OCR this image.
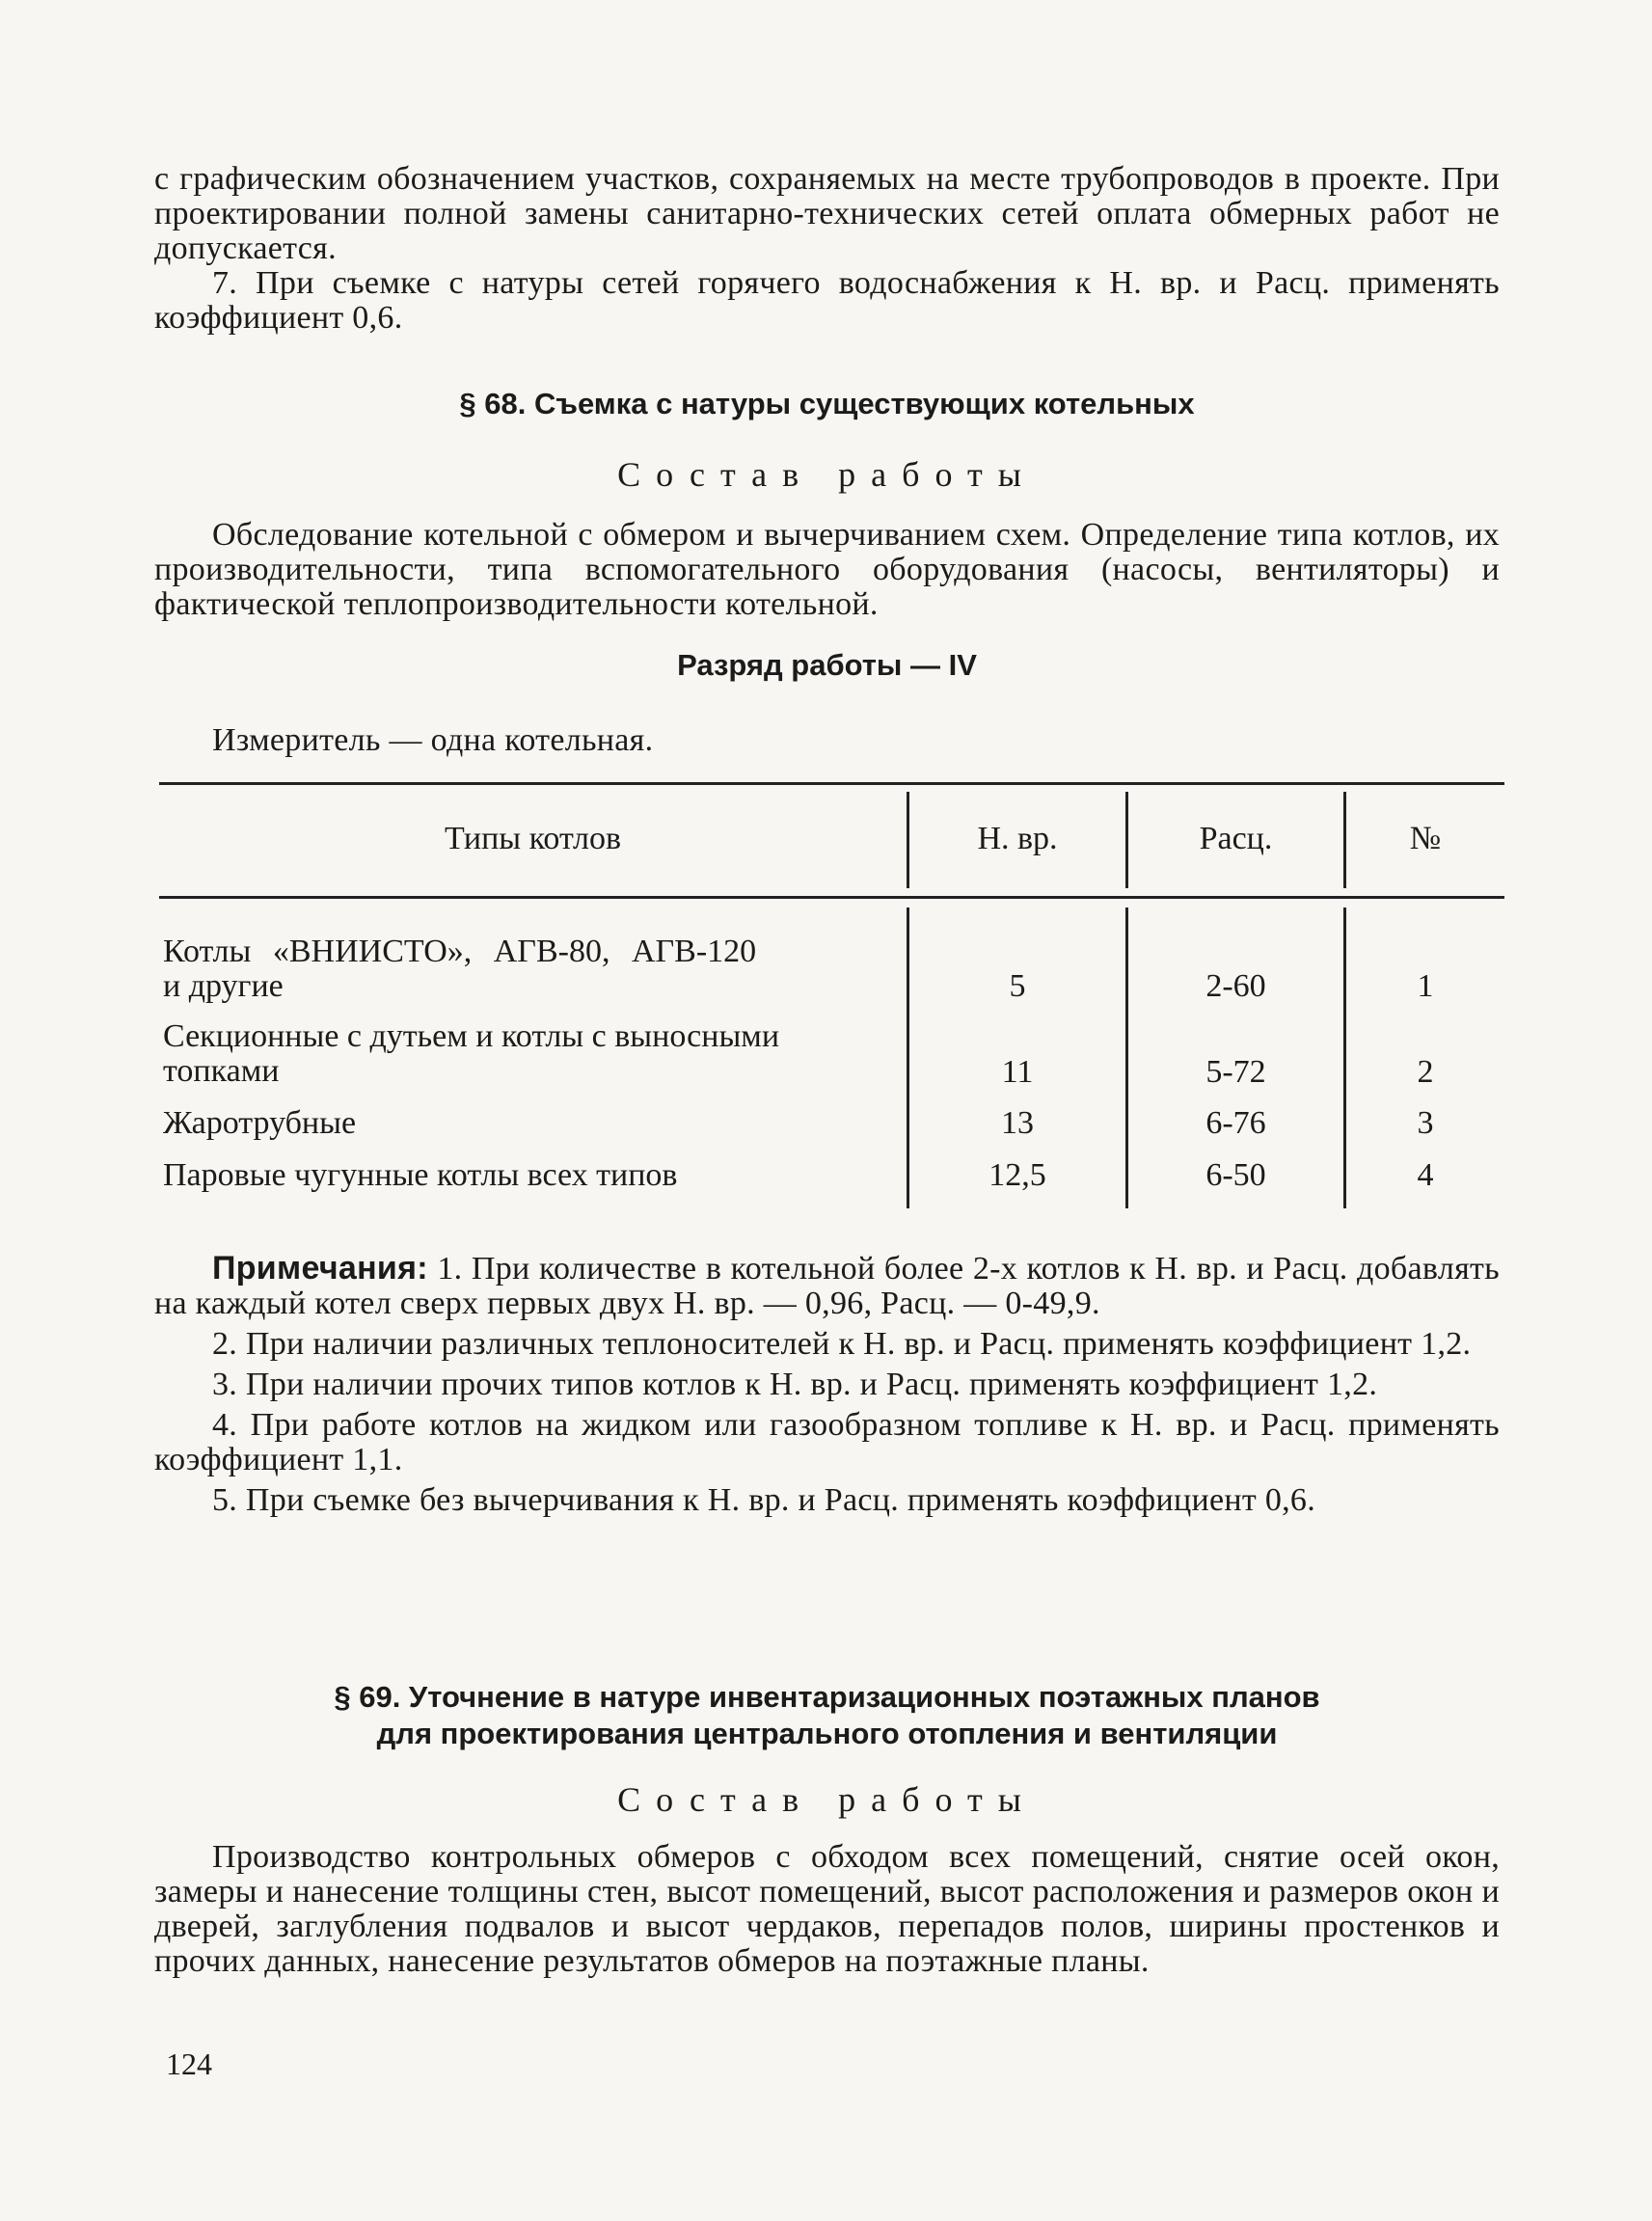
с графическим обозначением участков, сохраняемых на месте трубопроводов в проекте. При проектировании полной замены санитарно-технических сетей оплата обмерных работ не допускается.

7. При съемке с натуры сетей горячего водоснабжения к Н. вр. и Расц. применять коэффициент 0,6.

§ 68. Съемка с натуры существующих котельных

Состав работы

Обследование котельной с обмером и вычерчиванием схем. Определение типа котлов, их производительности, типа вспомогательного оборудования (насосы, вентиляторы) и фактической теплопроизводительности котельной.

Разряд работы — IV

Измеритель — одна котельная.

Типы котлов	Н. вр.	Расц.	№
Котлы «ВНИИСТО», АГВ-80, АГВ-120
и другие	5	2-60	1
Секционные с дутьем и котлы с выносными
топками	11	5-72	2
Жаротрубные	13	6-76	3
Паровые чугунные котлы всех типов	12,5	6-50	4

Примечания: 1. При количестве в котельной более 2-х котлов к Н. вр. и Расц. добавлять на каждый котел сверх первых двух Н. вр. — 0,96, Расц. — 0-49,9.

2. При наличии различных теплоносителей к Н. вр. и Расц. применять коэффициент 1,2.

3. При наличии прочих типов котлов к Н. вр. и Расц. применять коэффициент 1,2.

4. При работе котлов на жидком или газообразном топливе к Н. вр. и Расц. применять коэффициент 1,1.

5. При съемке без вычерчивания к Н. вр. и Расц. применять коэффициент 0,6.

§ 69. Уточнение в натуре инвентаризационных поэтажных планов

для проектирования центрального отопления и вентиляции

Состав работы

Производство контрольных обмеров с обходом всех помещений, снятие осей окон, замеры и нанесение толщины стен, высот помещений, высот расположения и размеров окон и дверей, заглубления подвалов и высот чердаков, перепадов полов, ширины простенков и прочих данных, нанесение результатов обмеров на поэтажные планы.

124
